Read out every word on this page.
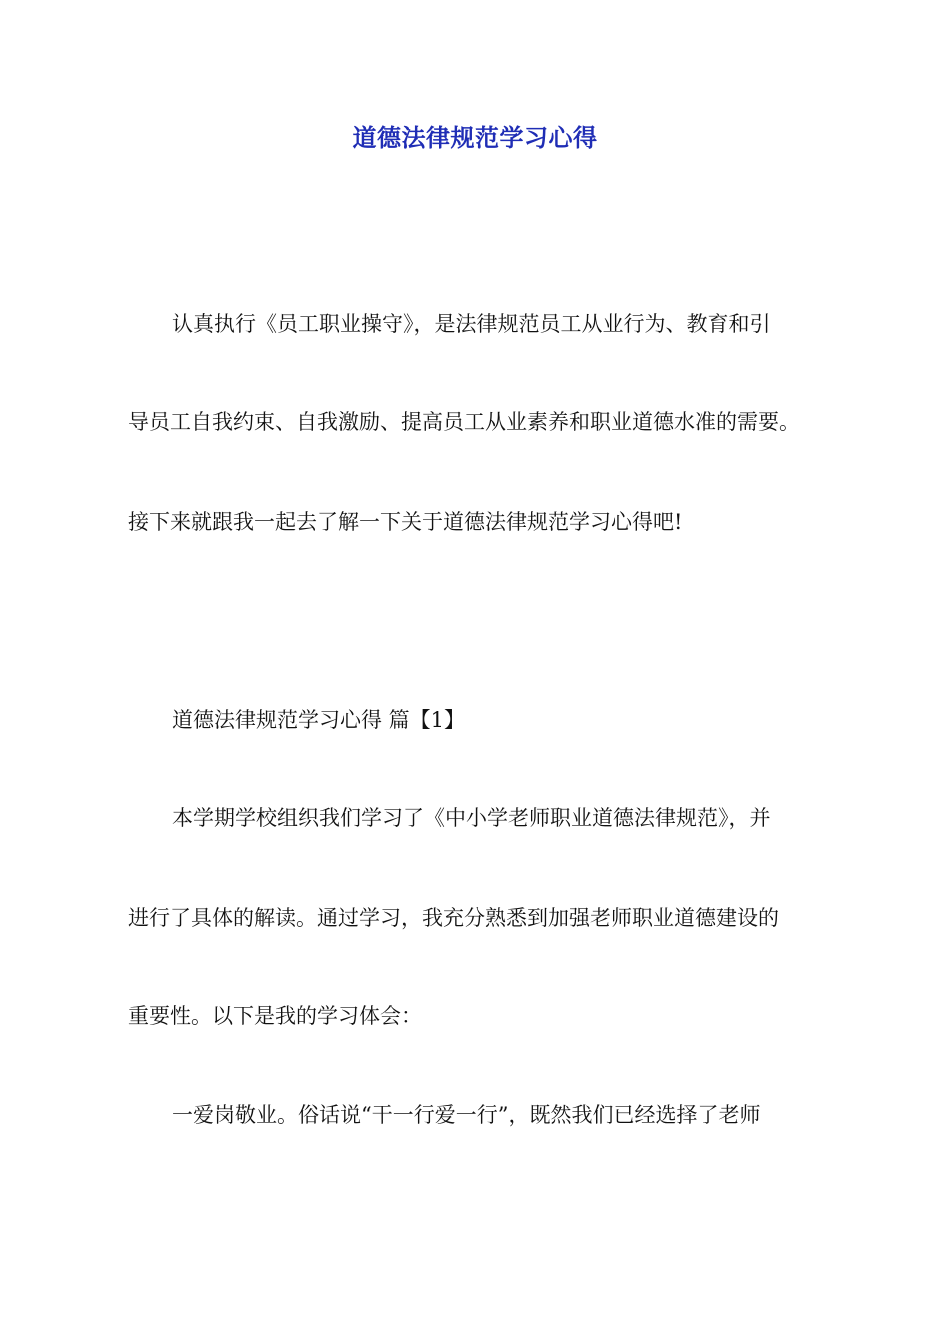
道德法律规范学习心得
认真执行《员工职业操守》，是法律规范员工从业行为、教育和引
导员工自我约束、自我激励、提高员工从业素养和职业道德水准的需要。
接下来就跟我一起去了解一下关于道德法律规范学习心得吧!
道德法律规范学习心得 篇【1】
本学期学校组织我们学习了《中小学老师职业道德法律规范》，并
进行了具体的解读。通过学习，我充分熟悉到加强老师职业道德建设的
重要性。以下是我的学习体会：
一爱岗敬业。俗话说“干一行爱一行”，既然我们已经选择了老师
